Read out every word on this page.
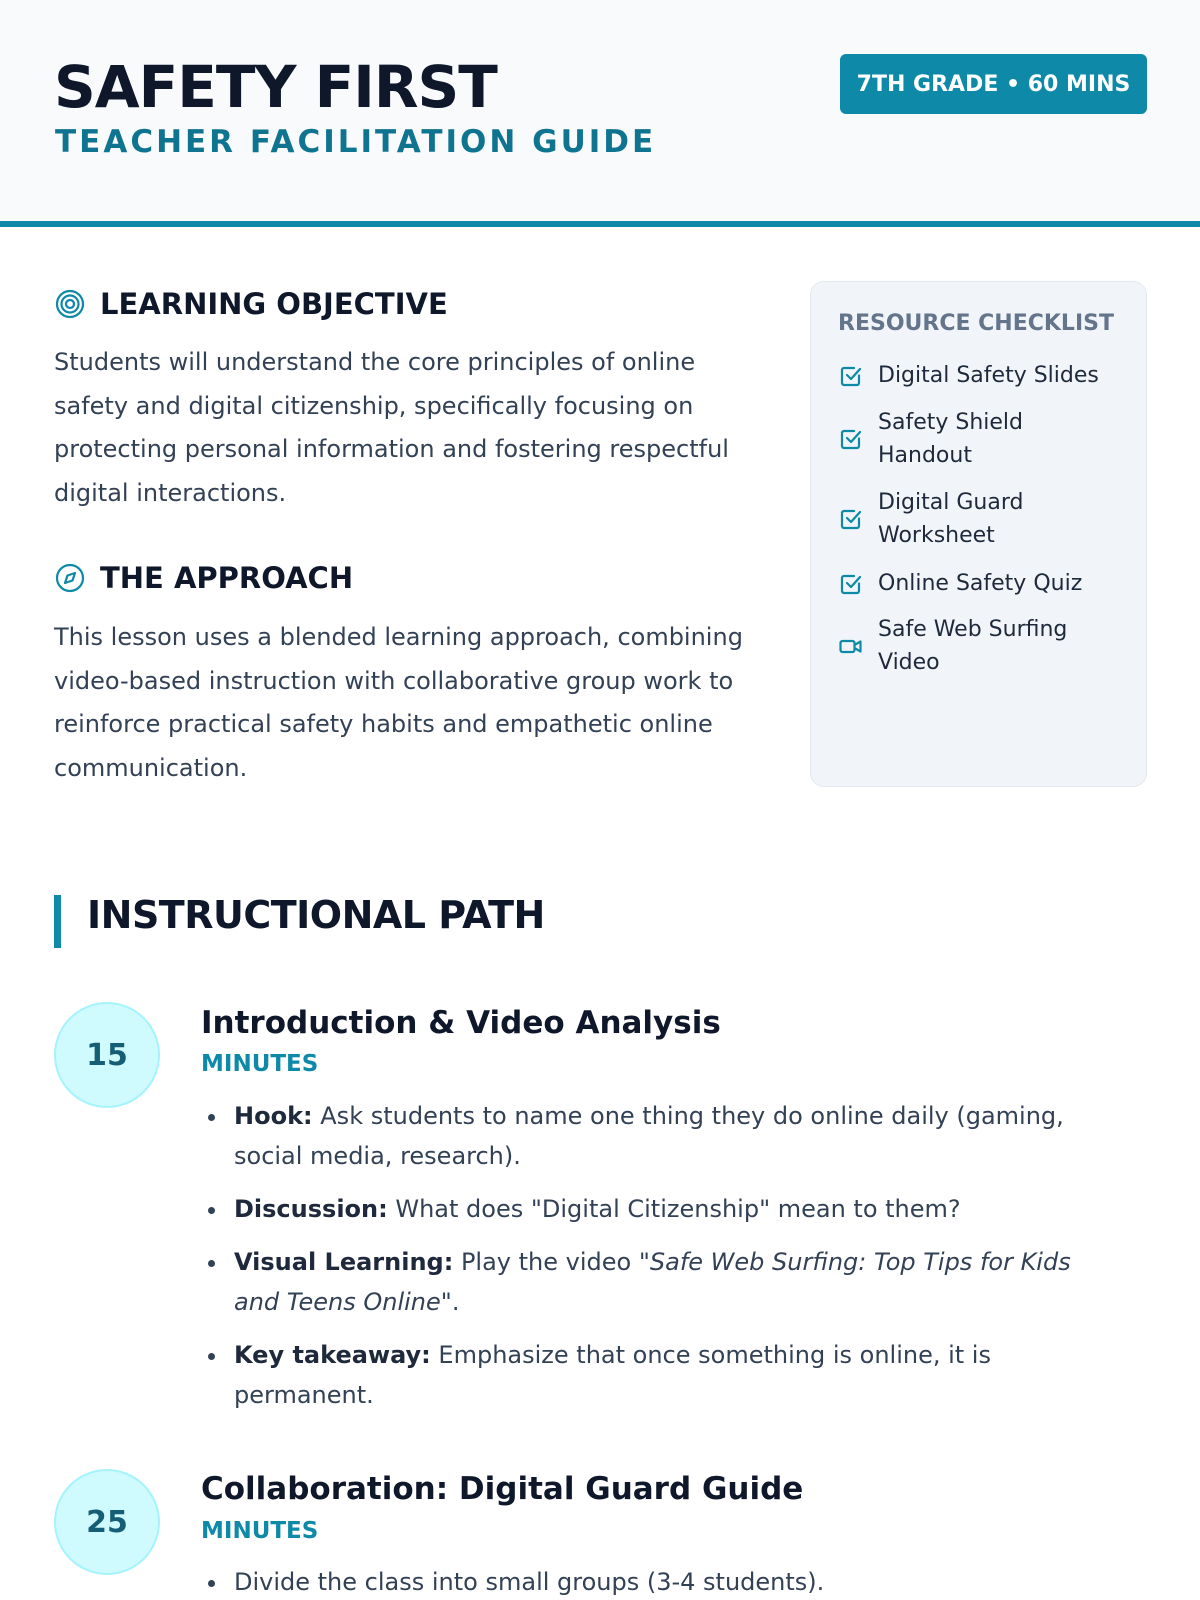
SAFETY FIRST
TEACHER FACILITATION GUIDE
7TH GRADE • 60 MINS
LEARNING OBJECTIVE
Students will understand the core principles of online safety and digital citizenship, specifically focusing on protecting personal information and fostering respectful digital interactions.
THE APPROACH
This lesson uses a blended learning approach, combining video-based instruction with collaborative group work to reinforce practical safety habits and empathetic online communication.
RESOURCE CHECKLIST
Digital Safety Slides
Safety Shield Handout
Digital Guard Worksheet
Online Safety Quiz
Safe Web Surfing Video
INSTRUCTIONAL PATH
15
Introduction & Video Analysis
MINUTES
Hook: Ask students to name one thing they do online daily (gaming, social media, research).
Discussion: What does "Digital Citizenship" mean to them?
Visual Learning: Play the video "Safe Web Surfing: Top Tips for Kids and Teens Online".
Key takeaway: Emphasize that once something is online, it is permanent.
25
Collaboration: Digital Guard Guide
MINUTES
Divide the class into small groups (3-4 students).
